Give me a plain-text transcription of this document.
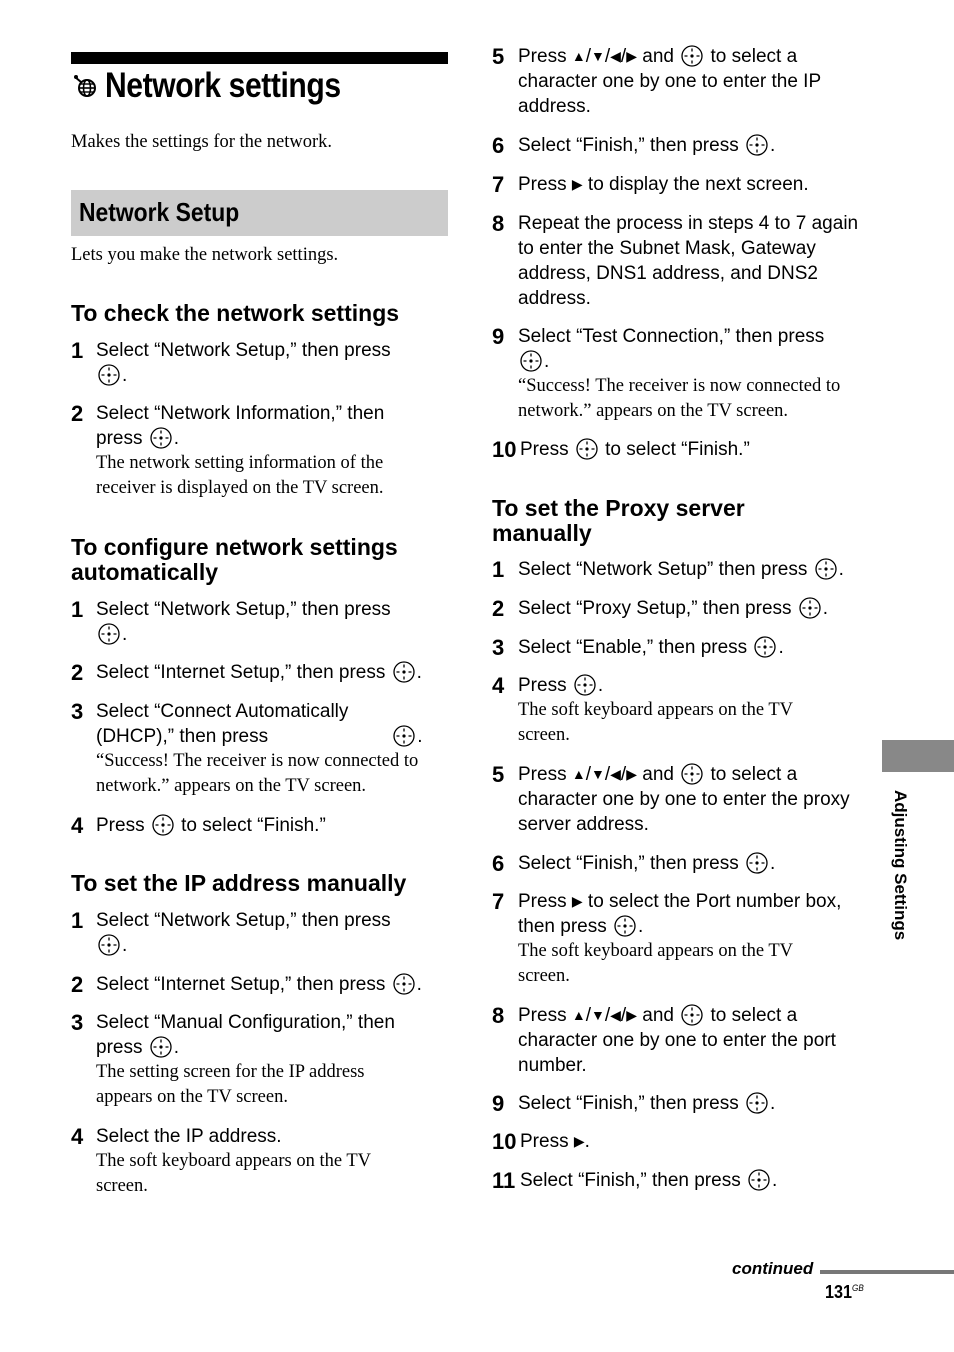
Network settings
Makes the settings for the network.
Network Setup
Lets you make the network settings.
To check the network settings
1 Select “Network Setup,” then press
.
2 Select “Network Information,” then press .
The network setting information of the receiver is displayed on the TV screen.
To configure network settings automatically
1 Select “Network Setup,” then press
.
2 Select “Internet Setup,” then press .
3 Select “Connect Automatically (DHCP),” then press	.
“Success! The receiver is now connected to network.” appears on the TV screen.
4 Press to select “Finish.”
To set the IP address manually
1 Select “Network Setup,” then press
.
2 Select “Internet Setup,” then press .
3 Select “Manual Configuration,” then press .
The setting screen for the IP address appears on the TV screen.
4 Select the IP address.
The soft keyboard appears on the TV screen.
5 Press ▲/▼/◀/▶ and to select a character one by one to enter the IP address.
6 Select “Finish,” then press .
7 Press ▶ to display the next screen.
8 Repeat the process in steps 4 to 7 again to enter the Subnet Mask, Gateway address, DNS1 address, and DNS2 address.
9 Select “Test Connection,” then press
.
“Success! The receiver is now connected to network.” appears on the TV screen.
10 Press to select “Finish.”
To set the Proxy server manually
1 Select “Network Setup” then press .
2 Select “Proxy Setup,” then press .
3 Select “Enable,” then press .
4 Press .
The soft keyboard appears on the TV screen.
5 Press ▲/▼/◀/▶ and to select a character one by one to enter the proxy server address.
6 Select “Finish,” then press .
7 Press ▶ to select the Port number box, then press .
The soft keyboard appears on the TV screen.
8 Press ▲/▼/◀/▶ and to select a character one by one to enter the port number.
9 Select “Finish,” then press .
10 Press ▶.
11 Select “Finish,” then press .
Adjusting Settings
continued
$131^{GB}$
